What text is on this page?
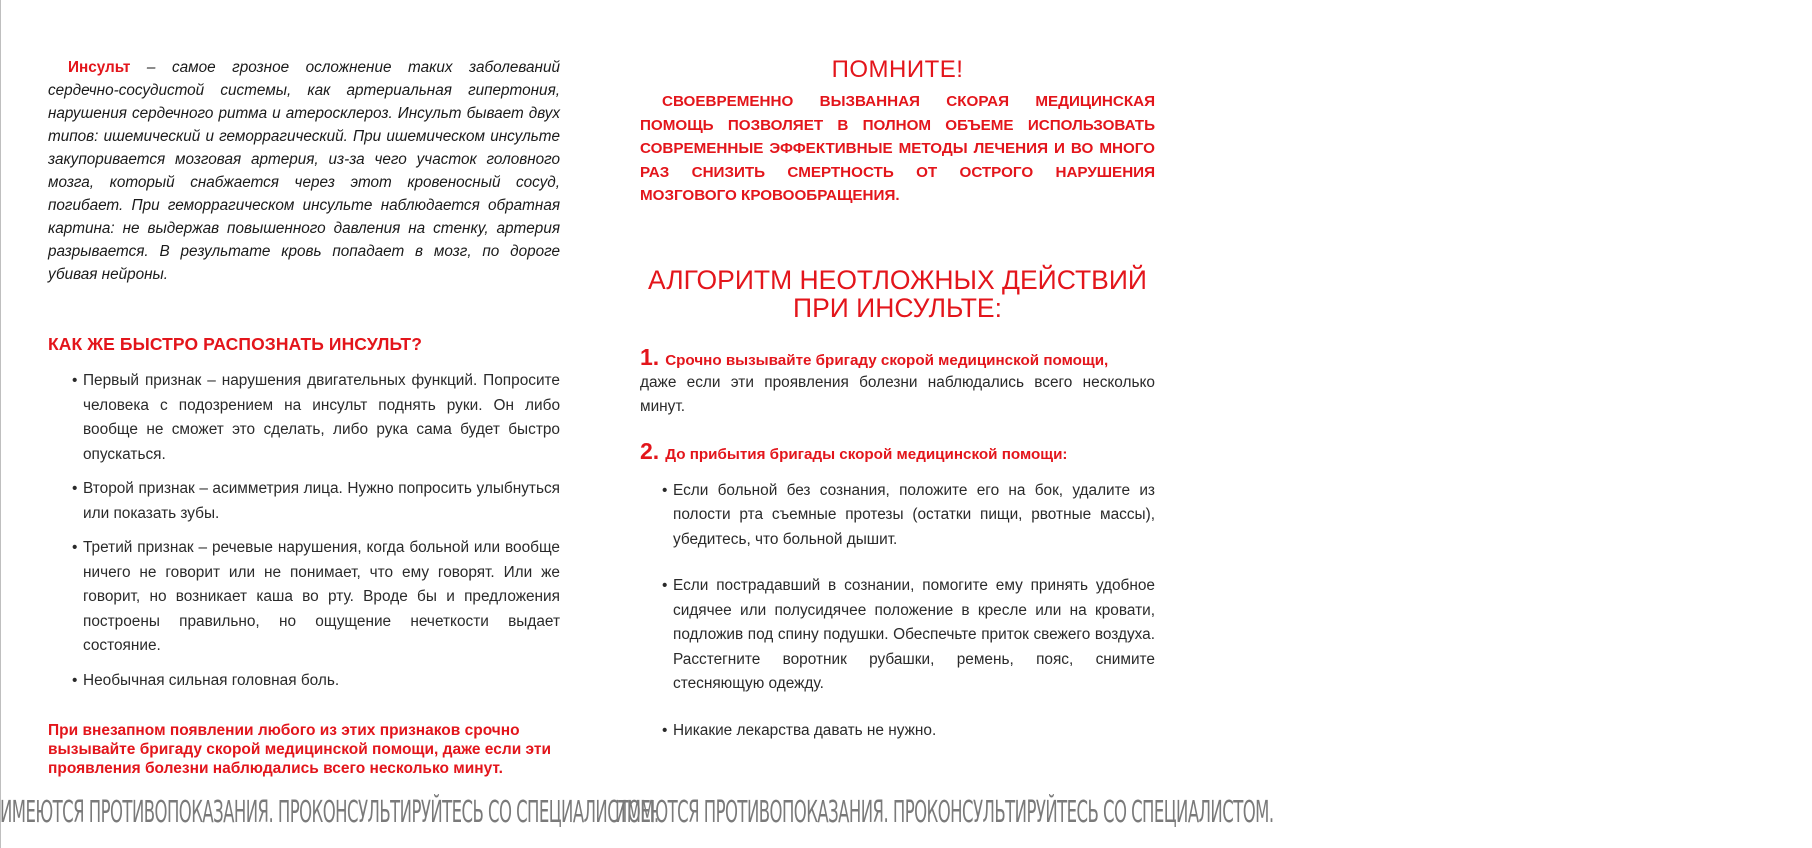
Инсульт – самое грозное осложнение таких заболеваний сердечно-сосудистой системы, как артериальная гипертония, нарушения сердечного ритма и атеросклероз. Инсульт бывает двух типов: ишемический и геморрагический. При ишемическом инсульте закупоривается мозговая артерия, из-за чего участок головного мозга, который снабжается через этот кровеносный сосуд, погибает. При геморрагическом инсульте наблюдается обратная картина: не выдержав повышенного давления на стенку, артерия разрывается. В результате кровь попадает в мозг, по дороге убивая нейроны.

КАК ЖЕ БЫСТРО РАСПОЗНАТЬ ИНСУЛЬТ?
• Первый признак – нарушения двигательных функций. Попросите человека с подозрением на инсульт поднять руки. Он либо вообще не сможет это сделать, либо рука сама будет быстро опускаться.
• Второй признак – асимметрия лица. Нужно попросить улыбнуться или показать зубы.
• Третий признак – речевые нарушения, когда больной или вообще ничего не говорит или не понимает, что ему говорят. Или же говорит, но возникает каша во рту. Вроде бы и предложения построены правильно, но ощущение нечеткости выдает состояние.
• Необычная сильная головная боль.
При внезапном появлении любого из этих признаков срочно вызывайте бригаду скорой медицинской помощи, даже если эти проявления болезни наблюдались всего несколько минут.
ПОМНИТЕ!

СВОЕВРЕМЕННО ВЫЗВАННАЯ СКОРАЯ МЕДИЦИНСКАЯ ПОМОЩЬ ПОЗВОЛЯЕТ В ПОЛНОМ ОБЪЕМЕ ИСПОЛЬЗОВАТЬ СОВРЕМЕННЫЕ ЭФФЕКТИВНЫЕ МЕТОДЫ ЛЕЧЕНИЯ И ВО МНОГО РАЗ СНИЗИТЬ СМЕРТНОСТЬ ОТ ОСТРОГО НАРУШЕНИЯ МОЗГОВОГО КРОВООБРАЩЕНИЯ.

АЛГОРИТМ НЕОТЛОЖНЫХ ДЕЙСТВИЙ
ПРИ ИНСУЛЬТЕ:

1. Срочно вызывайте бригаду скорой медицинской помощи,

даже если эти проявления болезни наблюдались всего несколько минут.

2. До прибытия бригады скорой медицинской помощи:

• Если больной без сознания, положите его на бок, удалите из полости рта съемные протезы (остатки пищи, рвотные массы), убедитесь, что больной дышит.
• Если пострадавший в сознании, помогите ему принять удобное сидячее или полусидячее положение в кресле или на кровати, подложив под спину подушки. Обеспечьте приток свежего воздуха. Расстегните воротник рубашки, ремень, пояс, снимите стесняющую одежду.
• Никакие лекарства давать не нужно.
ИМЕЮТСЯ ПРОТИВОПОКАЗАНИЯ. ПРОКОНСУЛЬТИРУЙТЕСЬ СО СПЕЦИАЛИСТОМ.
ИМЕЮТСЯ ПРОТИВОПОКАЗАНИЯ. ПРОКОНСУЛЬТИРУЙТЕСЬ СО СПЕЦИАЛИСТОМ.
